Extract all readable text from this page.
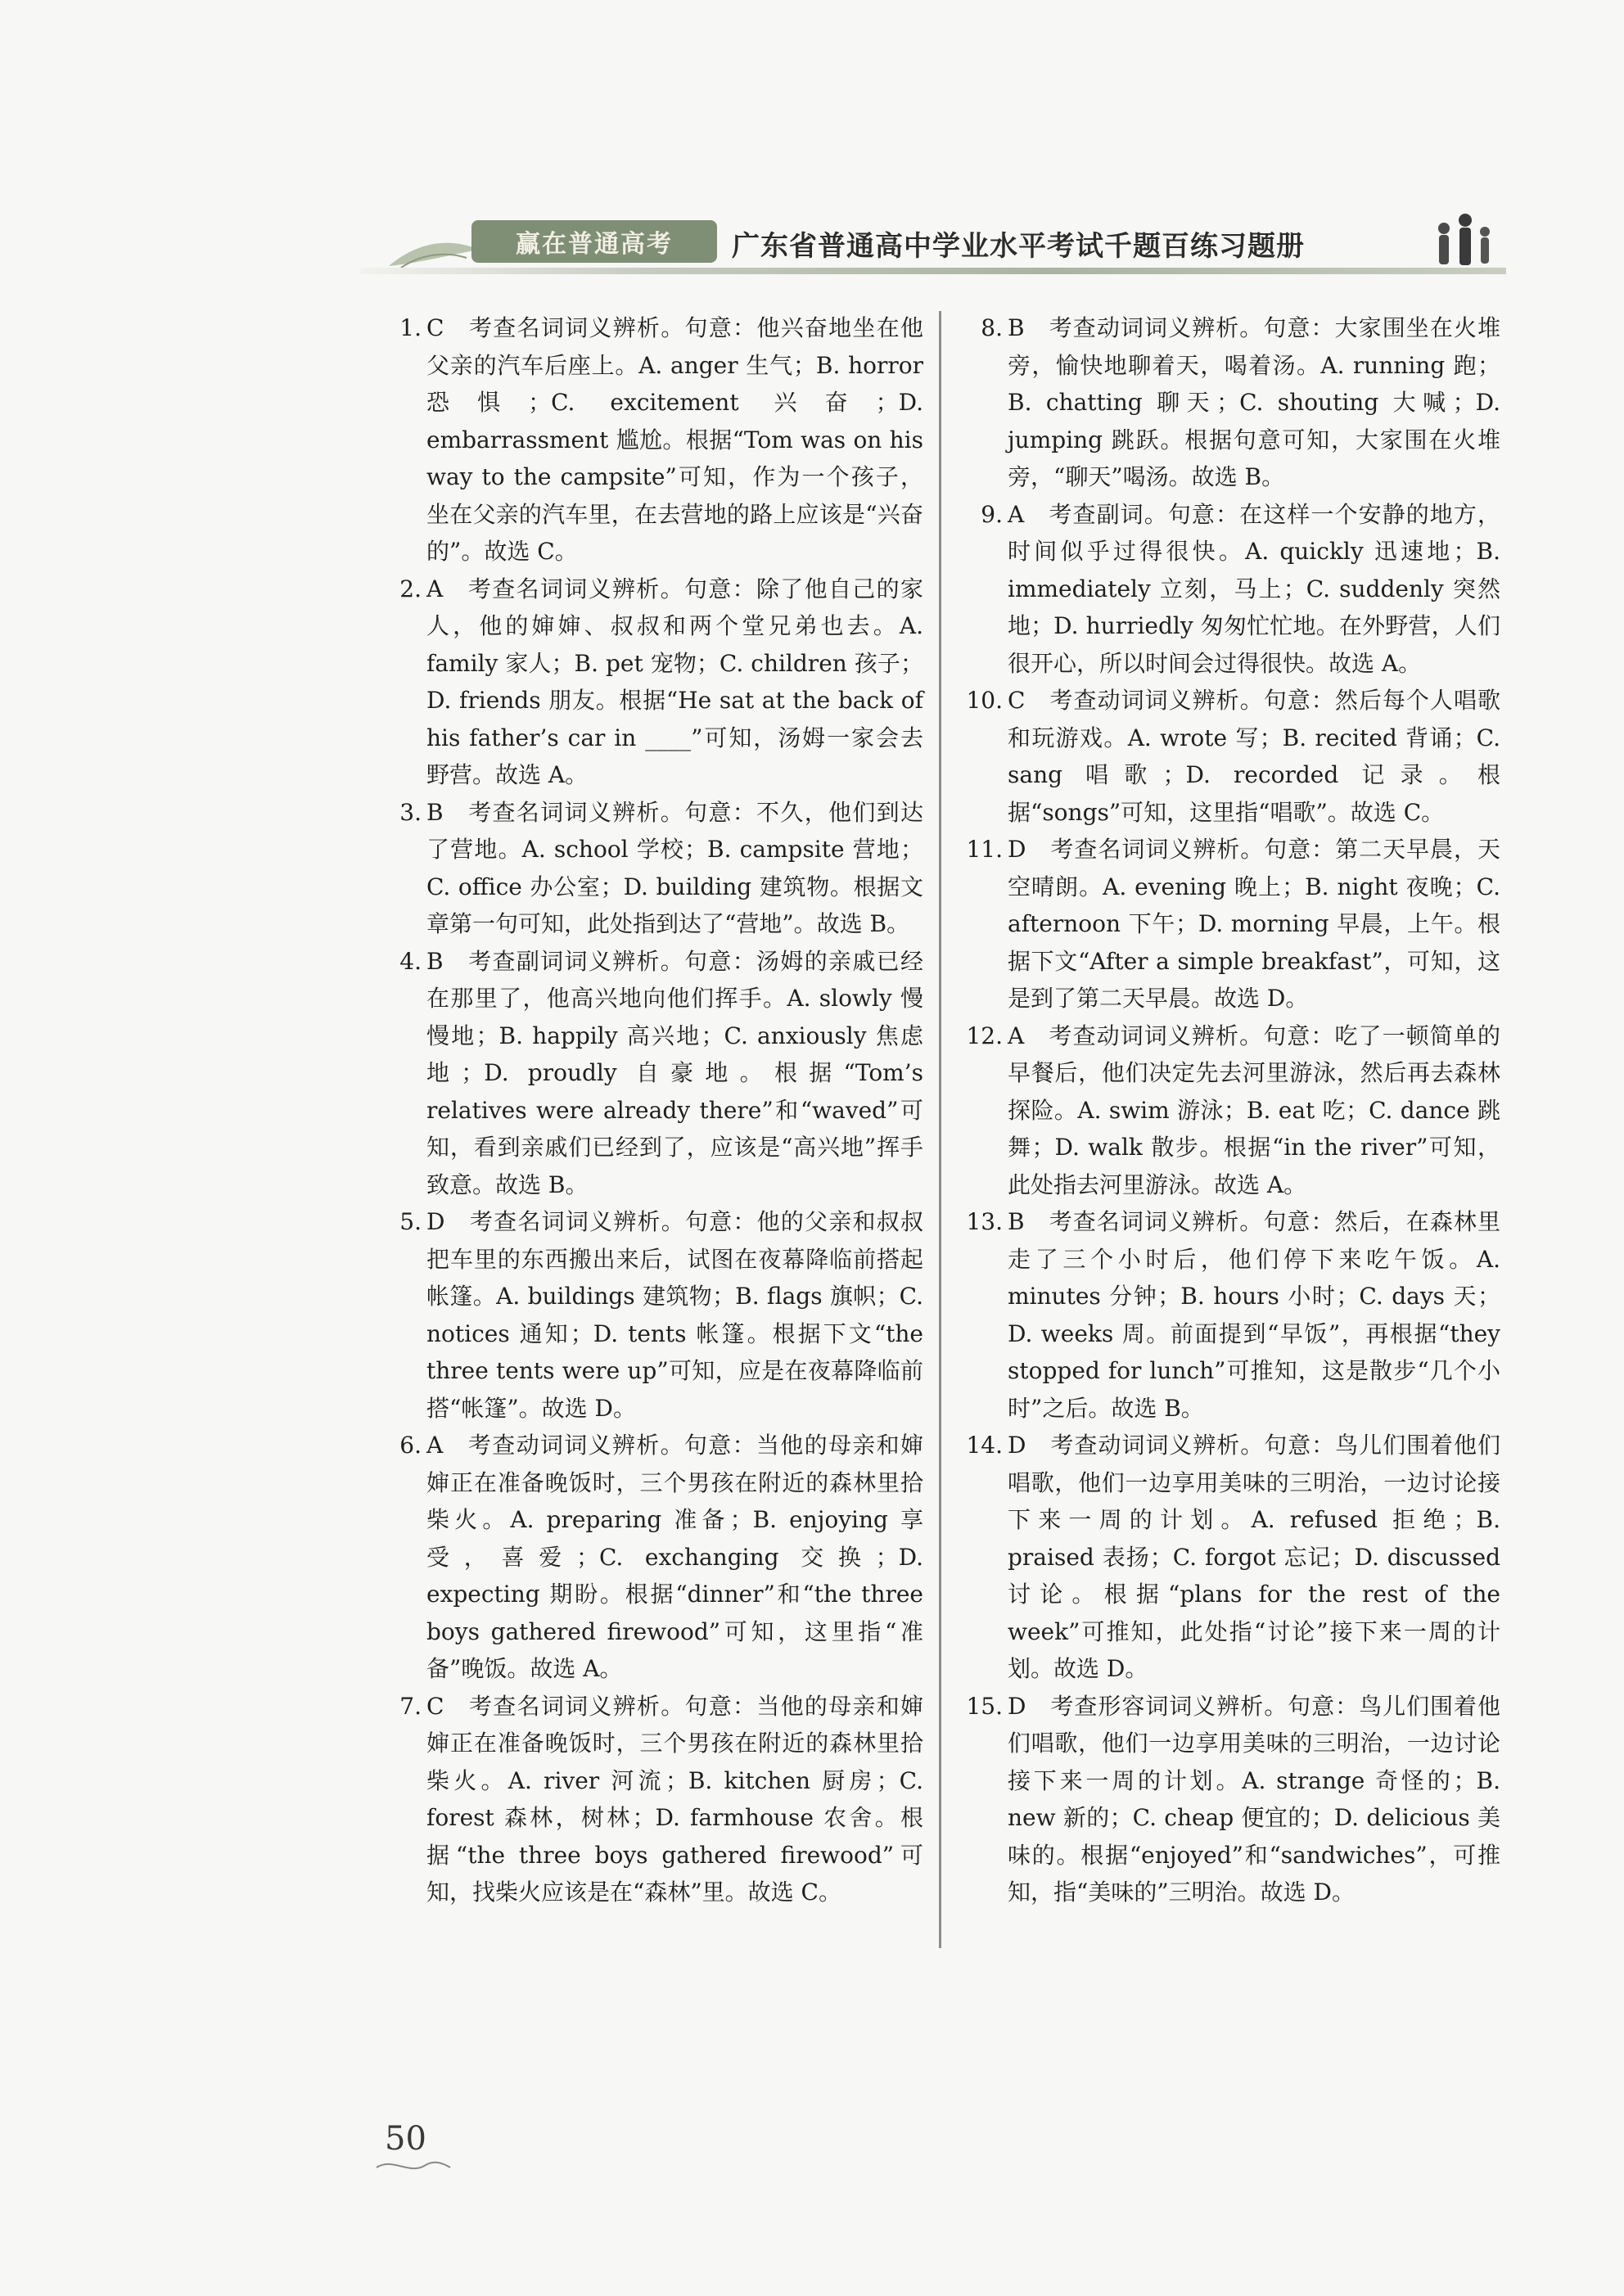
赢在普通高考	广东省普通高中学业水平考试千题百练习题册
1. C　考查名词词义辨析。句意：他兴奋地坐在他父亲的汽车后座上。A. anger 生气；B. horror 恐惧；C. excitement 兴奋；D. embarrassment 尴尬。根据“Tom was on his way to the campsite”可知，作为一个孩子，坐在父亲的汽车里，在去营地的路上应该是“兴奋的”。故选 C。
2. A　考查名词词义辨析。句意：除了他自己的家人，他的婶婶、叔叔和两个堂兄弟也去。A. family 家人；B. pet 宠物；C. children 孩子；D. friends 朋友。根据“He sat at the back of his father’s car in ____”可知，汤姆一家会去野营。故选 A。
3. B　考查名词词义辨析。句意：不久，他们到达了营地。A. school 学校；B. campsite 营地；C. office 办公室；D. building 建筑物。根据文章第一句可知，此处指到达了“营地”。故选 B。
4. B　考查副词词义辨析。句意：汤姆的亲戚已经在那里了，他高兴地向他们挥手。A. slowly 慢慢地；B. happily 高兴地；C. anxiously 焦虑地；D. proudly 自豪地。根据“Tom’s relatives were already there”和“waved”可知，看到亲戚们已经到了，应该是“高兴地”挥手致意。故选 B。
5. D　考查名词词义辨析。句意：他的父亲和叔叔把车里的东西搬出来后，试图在夜幕降临前搭起帐篷。A. buildings 建筑物；B. flags 旗帜；C. notices 通知；D. tents 帐篷。根据下文“the three tents were up”可知，应是在夜幕降临前搭“帐篷”。故选 D。
6. A　考查动词词义辨析。句意：当他的母亲和婶婶正在准备晚饭时，三个男孩在附近的森林里拾柴火。A. preparing 准备；B. enjoying 享受，喜爱；C. exchanging 交换；D. expecting 期盼。根据“dinner”和“the three boys gathered firewood”可知，这里指“准备”晚饭。故选 A。
7. C　考查名词词义辨析。句意：当他的母亲和婶婶正在准备晚饭时，三个男孩在附近的森林里拾柴火。A. river 河流；B. kitchen 厨房；C. forest 森林，树林；D. farmhouse 农舍。根据“the three boys gathered firewood”可知，找柴火应该是在“森林”里。故选 C。
8. B　考查动词词义辨析。句意：大家围坐在火堆旁，愉快地聊着天，喝着汤。A. running 跑；B. chatting 聊天；C. shouting 大喊；D. jumping 跳跃。根据句意可知，大家围在火堆旁，“聊天”喝汤。故选 B。
9. A　考查副词。句意：在这样一个安静的地方，时间似乎过得很快。A. quickly 迅速地；B. immediately 立刻，马上；C. suddenly 突然地；D. hurriedly 匆匆忙忙地。在外野营，人们很开心，所以时间会过得很快。故选 A。
10. C　考查动词词义辨析。句意：然后每个人唱歌和玩游戏。A. wrote 写；B. recited 背诵；C. sang 唱歌；D. recorded 记录。根据“songs”可知，这里指“唱歌”。故选 C。
11. D　考查名词词义辨析。句意：第二天早晨，天空晴朗。A. evening 晚上；B. night 夜晚；C. afternoon 下午；D. morning 早晨，上午。根据下文“After a simple breakfast”，可知，这是到了第二天早晨。故选 D。
12. A　考查动词词义辨析。句意：吃了一顿简单的早餐后，他们决定先去河里游泳，然后再去森林探险。A. swim 游泳；B. eat 吃；C. dance 跳舞；D. walk 散步。根据“in the river”可知，此处指去河里游泳。故选 A。
13. B　考查名词词义辨析。句意：然后，在森林里走了三个小时后，他们停下来吃午饭。A. minutes 分钟；B. hours 小时；C. days 天；D. weeks 周。前面提到“早饭”，再根据“they stopped for lunch”可推知，这是散步“几个小时”之后。故选 B。
14. D　考查动词词义辨析。句意：鸟儿们围着他们唱歌，他们一边享用美味的三明治，一边讨论接下来一周的计划。A. refused 拒绝；B. praised 表扬；C. forgot 忘记；D. discussed 讨论。根据“plans for the rest of the week”可推知，此处指“讨论”接下来一周的计划。故选 D。
15. D　考查形容词词义辨析。句意：鸟儿们围着他们唱歌，他们一边享用美味的三明治，一边讨论接下来一周的计划。A. strange 奇怪的；B. new 新的；C. cheap 便宜的；D. delicious 美味的。根据“enjoyed”和“sandwiches”，可推知，指“美味的”三明治。故选 D。
50
